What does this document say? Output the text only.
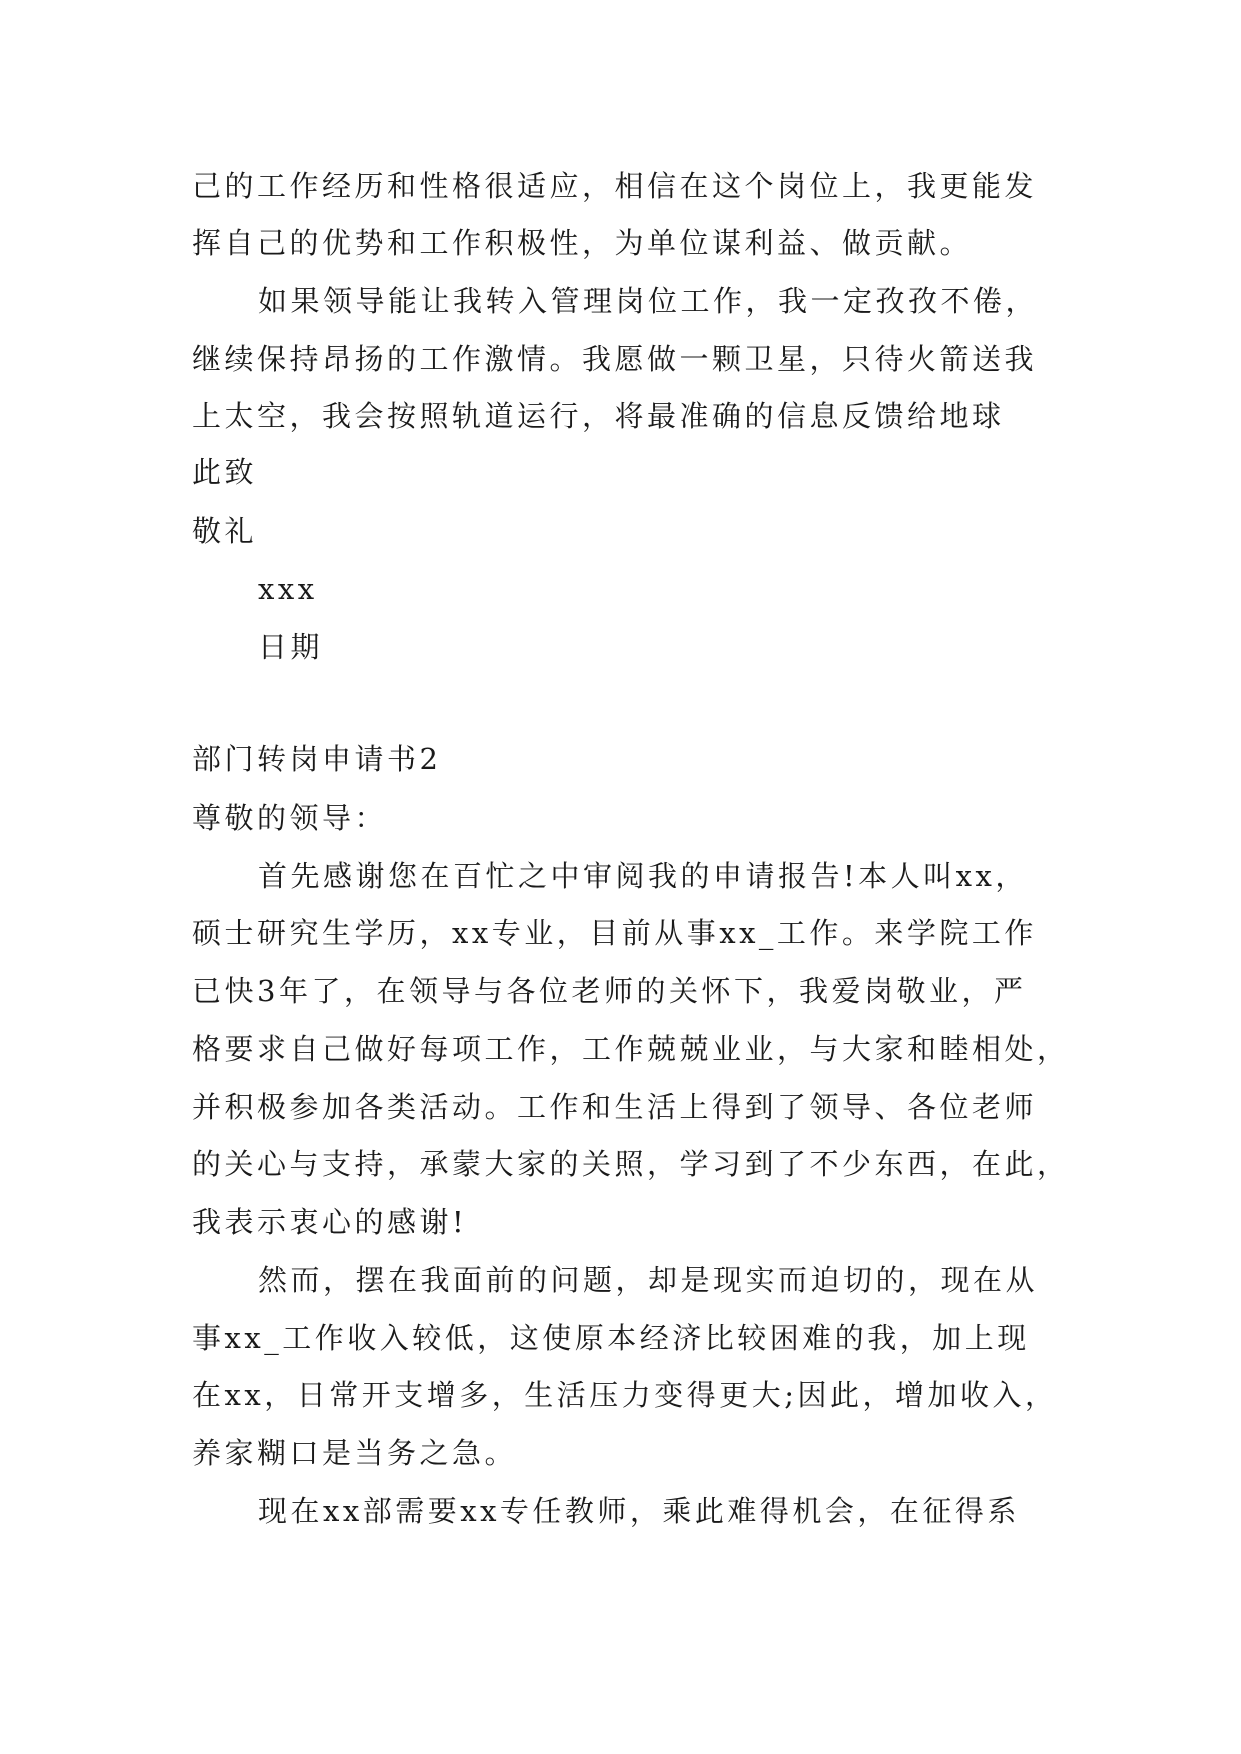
己的工作经历和性格很适应，相信在这个岗位上，我更能发
挥自己的优势和工作积极性，为单位谋利益、做贡献。
如果领导能让我转入管理岗位工作，我一定孜孜不倦，
继续保持昂扬的工作激情。我愿做一颗卫星，只待火箭送我
上太空，我会按照轨道运行，将最准确的信息反馈给地球
此致
敬礼
xxx
日期
部门转岗申请书2
尊敬的领导：
首先感谢您在百忙之中审阅我的申请报告!本人叫xx，
硕士研究生学历，xx专业，目前从事xx_工作。来学院工作
已快3年了，在领导与各位老师的关怀下，我爱岗敬业，严
格要求自己做好每项工作，工作兢兢业业，与大家和睦相处，
并积极参加各类活动。工作和生活上得到了领导、各位老师
的关心与支持，承蒙大家的关照，学习到了不少东西，在此，
我表示衷心的感谢!
然而，摆在我面前的问题，却是现实而迫切的，现在从
事xx_工作收入较低，这使原本经济比较困难的我，加上现
在xx，日常开支增多，生活压力变得更大;因此，增加收入，
养家糊口是当务之急。
现在xx部需要xx专任教师，乘此难得机会，在征得系
